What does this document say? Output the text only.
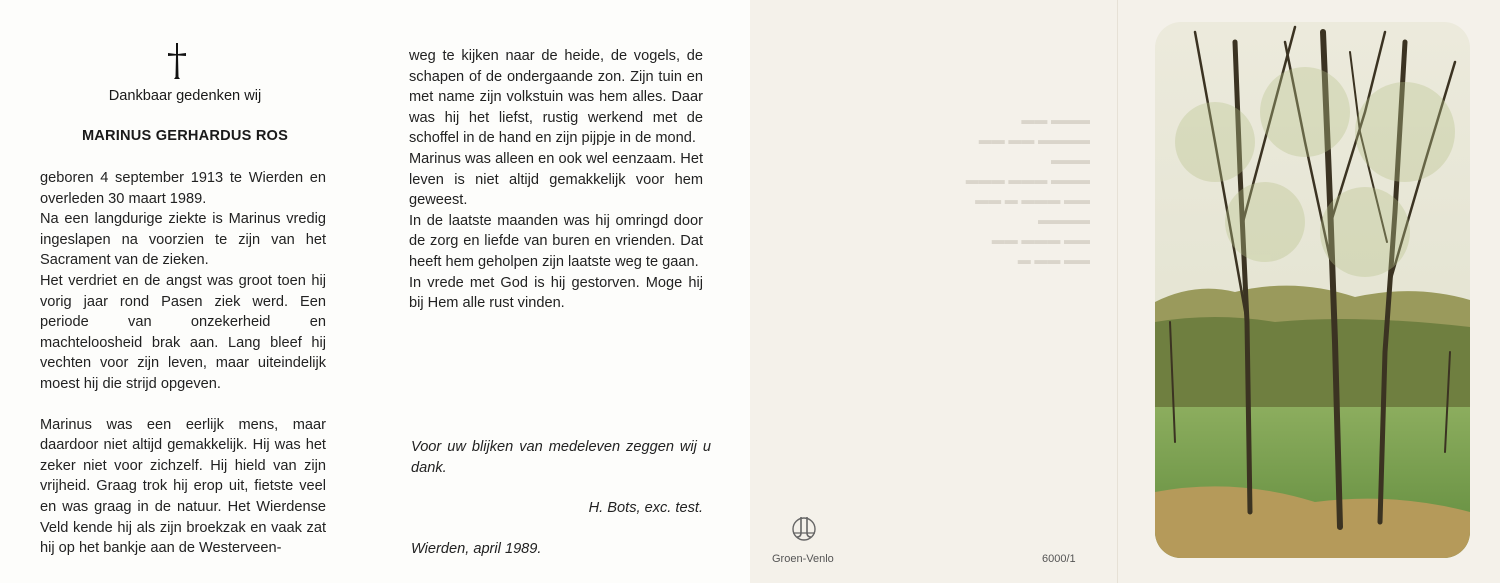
Dankbaar gedenken wij
MARINUS GERHARDUS ROS

geboren 4 september 1913 te Wierden en overleden 30 maart 1989.

Na een langdurige ziekte is Marinus vredig ingeslapen na voorzien te zijn van het Sacrament van de zieken.

Het verdriet en de angst was groot toen hij vorig jaar rond Pasen ziek werd. Een periode van onzekerheid en machteloosheid brak aan. Lang bleef hij vechten voor zijn leven, maar uiteindelijk moest hij die strijd opgeven.

Marinus was een eerlijk mens, maar daardoor niet altijd gemakkelijk. Hij was het zeker niet voor zichzelf. Hij hield van zijn vrijheid. Graag trok hij erop uit, fietste veel en was graag in de natuur. Het Wierdense Veld kende hij als zijn broekzak en vaak zat hij op het bankje aan de Westerveen-

weg te kijken naar de heide, de vogels, de schapen of de ondergaande zon. Zijn tuin en met name zijn volkstuin was hem alles. Daar was hij het liefst, rustig werkend met de schoffel in de hand en zijn pijpje in de mond.

Marinus was alleen en ook wel eenzaam. Het leven is niet altijd gemakkelijk voor hem geweest.

In de laatste maanden was hij omringd door de zorg en liefde van buren en vrienden. Dat heeft hem geholpen zijn laatste weg te gaan.

In vrede met God is hij gestorven. Moge hij bij Hem alle rust vinden.

Voor uw blijken van medeleven zeggen wij u dank.

H. Bots, exc. test.
Wierden, april 1989.
▬▬▬ ▬▬
▬▬▬▬ ▬▬ ▬▬
▬▬▬
▬▬▬ ▬▬▬ ▬▬▬
▬▬ ▬▬▬ ▬ ▬▬
▬▬▬▬
▬▬ ▬▬▬ ▬▬
▬▬ ▬▬ ▬
Groen-Venlo	6000/1
